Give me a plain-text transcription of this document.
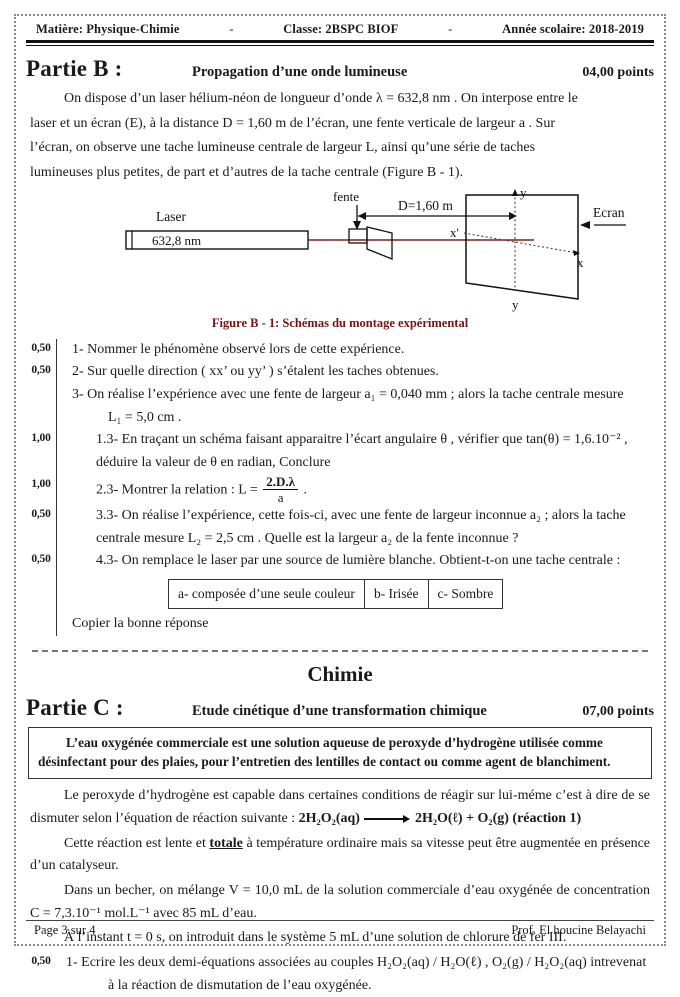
Matière: Physique-Chimie	-	Classe: 2BSPC BIOF	-	Année scolaire: 2018-2019
Partie B :	Propagation d’une onde lumineuse	04,00 points
On dispose d’un laser hélium-néon de longueur d’onde λ = 632,8 nm . On interpose entre le
laser et un écran (E), à la distance D = 1,60 m de l’écran, une fente verticale de largeur a . Sur
l’écran, on observe une tache lumineuse centrale de largeur L, ainsi qu’une série de taches
lumineuses plus petites, de part et d’autres de la tache centrale (Figure B - 1).
632,8 nm
Laser
fente
D=1,60 m
y
y
x'
x
Ecran
Figure B - 1: Schémas du montage expérimental
0,50	1- Nommer le phénomène observé lors de cette expérience.
0,50	2- Sur quelle direction ( xx’ ou yy’ ) s’étalent les taches obtenues.
3- On réalise l’expérience avec une fente de largeur a₁ = 0,040 mm ; alors la tache centrale mesure
L₁ = 5,0 cm .
1,00	1.3- En traçant un schéma faisant apparaitre l’écart angulaire θ , vérifier que tan(θ) = 1,6.10⁻² ,
déduire la valeur de θ en radian, Conclure
1,00	2.3- Montrer la relation : $L = \frac{2.D.\lambda}{a}$ .
0,50	3.3- On réalise l’expérience, cette fois-ci, avec une fente de largeur inconnue a₂ ; alors la tache
centrale mesure L₂ = 2,5 cm . Quelle est la largeur a₂ de la fente inconnue ?
0,50	4.3- On remplace le laser par une source de lumière blanche. Obtient-t-on une tache centrale :
a- composée d’une seule couleur	b- Irisée	c- Sombre
Copier la bonne réponse
Chimie
Partie C :	Etude cinétique d’une transformation chimique	07,00 points
L’eau oxygénée commerciale est une solution aqueuse de peroxyde d’hydrogène utilisée comme
désinfectant pour des plaies, pour l’entretien des lentilles de contact ou comme agent de blanchiment.
Le peroxyde d’hydrogène est capable dans certaines conditions de réagir sur lui-méme c’est à dire de se dismuter selon l’équation de réaction suivante : 2H₂O₂(aq)	2H₂O(ℓ) + O₂(g) (réaction 1)
Cette réaction est lente et totale à température ordinaire mais sa vitesse peut être augmentée en présence d’un catalyseur.
Dans un becher, on mélange V = 10,0 mL de la solution commerciale d’eau oxygénée de concentration C = 7,3.10⁻¹ mol.L⁻¹ avec 85 mL d’eau.
À l’instant t = 0 s, on introduit dans le système 5 mL d’une solution de chlorure de fer III.
0,50	1- Ecrire les deux demi-équations associées au couples H₂O₂(aq) / H₂O(ℓ) , O₂(g) / H₂O₂(aq) intrevenat
à la réaction de dismutation de l’eau oxygénée.
Page 3 sur 4	Prof. El houcine Belayachi
